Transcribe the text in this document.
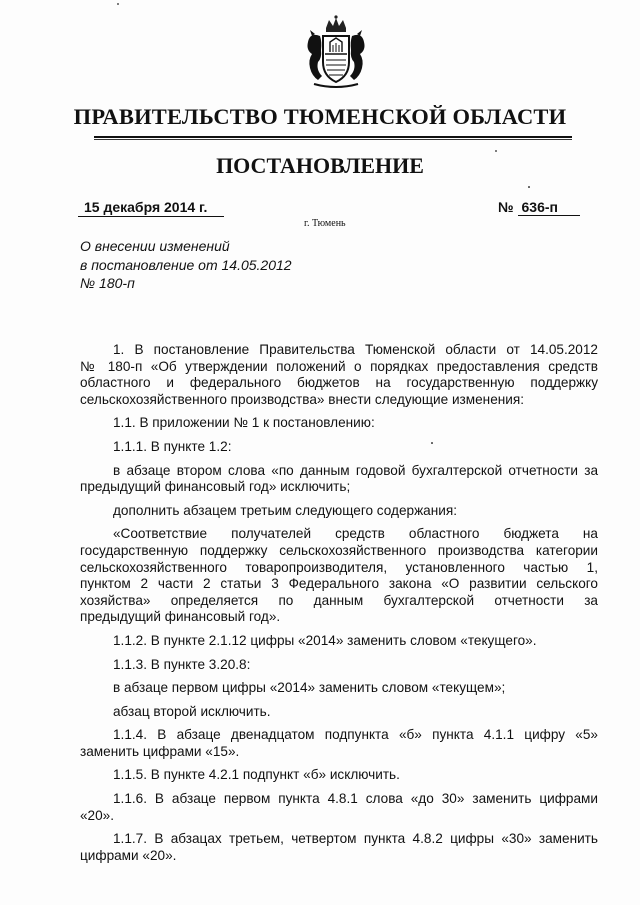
ПРАВИТЕЛЬСТВО ТЮМЕНСКОЙ ОБЛАСТИ
ПОСТАНОВЛЕНИЕ
15 декабря 2014 г.	№ 636-п
г. Тюмень
О внесении изменений
в постановление от 14.05.2012
№ 180-п
1. В постановление Правительства Тюменской области от 14.05.2012
№ 180-п «Об утверждении положений о порядках предоставления средств
областного и федерального бюджетов на государственную поддержку
сельскохозяйственного производства» внести следующие изменения:
1.1. В приложении № 1 к постановлению:
1.1.1. В пункте 1.2:
в абзаце втором слова «по данным годовой бухгалтерской отчетности за
предыдущий финансовый год» исключить;
дополнить абзацем третьим следующего содержания:
«Соответствие получателей средств областного бюджета на
государственную поддержку сельскохозяйственного производства категории
сельскохозяйственного товаропроизводителя, установленного частью 1,
пунктом 2 части 2 статьи 3 Федерального закона «О развитии сельского
хозяйства» определяется по данным бухгалтерской отчетности за
предыдущий финансовый год».
1.1.2. В пункте 2.1.12 цифры «2014» заменить словом «текущего».
1.1.3. В пункте 3.20.8:
в абзаце первом цифры «2014» заменить словом «текущем»;
абзац второй исключить.
1.1.4. В абзаце двенадцатом подпункта «б» пункта 4.1.1 цифру «5»
заменить цифрами «15».
1.1.5. В пункте 4.2.1 подпункт «б» исключить.
1.1.6. В абзаце первом пункта 4.8.1 слова «до 30» заменить цифрами
«20».
1.1.7. В абзацах третьем, четвертом пункта 4.8.2 цифры «30» заменить
цифрами «20».
